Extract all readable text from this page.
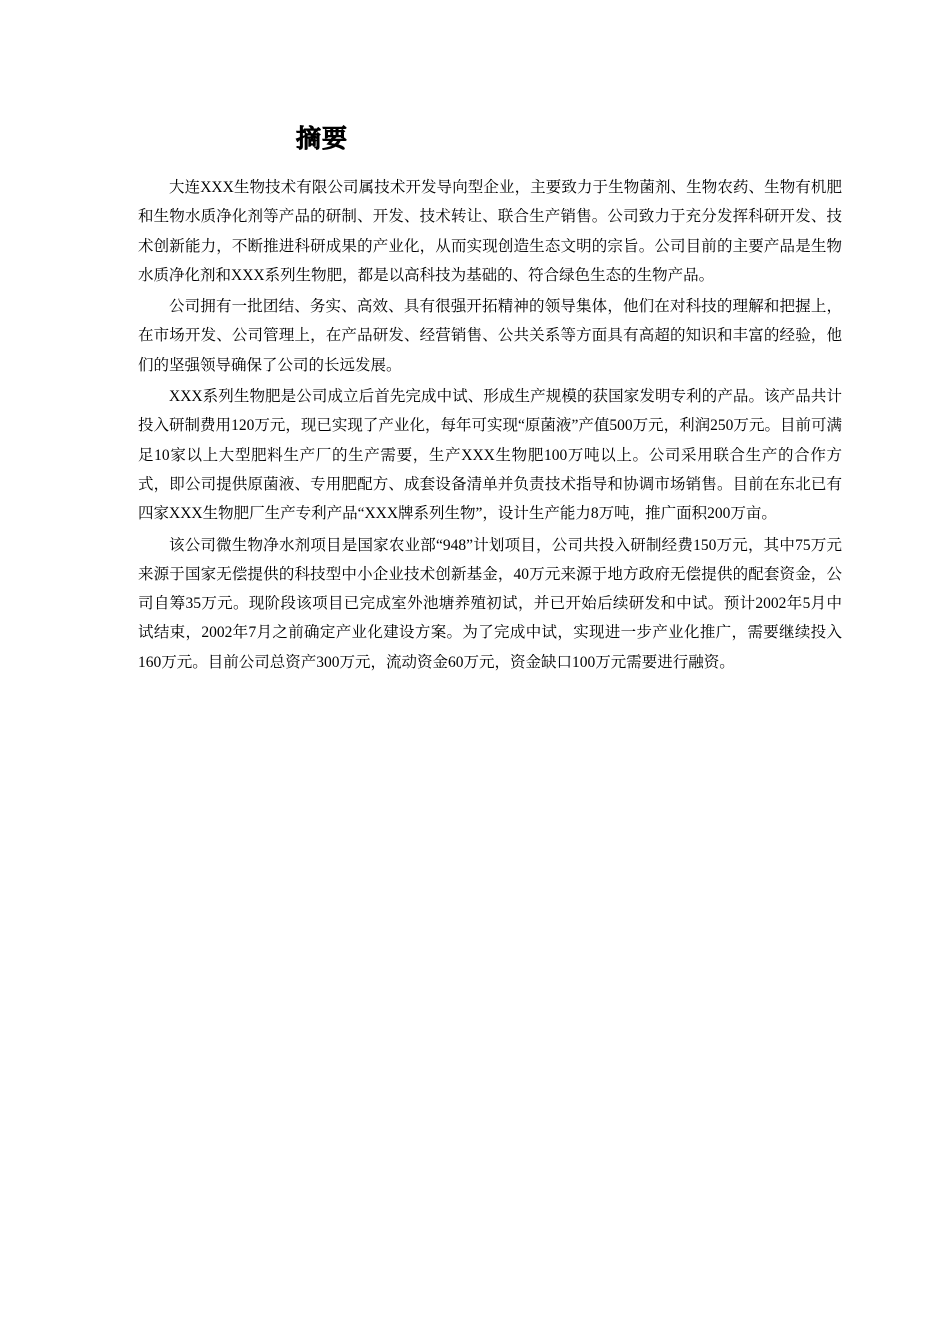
摘要

大连XXX生物技术有限公司属技术开发导向型企业，主要致力于生物菌剂、生物农药、生物有机肥和生物水质净化剂等产品的研制、开发、技术转让、联合生产销售。公司致力于充分发挥科研开发、技术创新能力，不断推进科研成果的产业化，从而实现创造生态文明的宗旨。公司目前的主要产品是生物水质净化剂和XXX系列生物肥，都是以高科技为基础的、符合绿色生态的生物产品。

公司拥有一批团结、务实、高效、具有很强开拓精神的领导集体，他们在对科技的理解和把握上，在市场开发、公司管理上，在产品研发、经营销售、公共关系等方面具有高超的知识和丰富的经验，他们的坚强领导确保了公司的长远发展。

XXX系列生物肥是公司成立后首先完成中试、形成生产规模的获国家发明专利的产品。该产品共计投入研制费用120万元，现已实现了产业化，每年可实现“原菌液”产值500万元，利润250万元。目前可满足10家以上大型肥料生产厂的生产需要，生产XXX生物肥100万吨以上。公司采用联合生产的合作方式，即公司提供原菌液、专用肥配方、成套设备清单并负责技术指导和协调市场销售。目前在东北已有四家XXX生物肥厂生产专利产品“XXX牌系列生物”，设计生产能力8万吨，推广面积200万亩。

该公司微生物净水剂项目是国家农业部“948”计划项目，公司共投入研制经费150万元，其中75万元来源于国家无偿提供的科技型中小企业技术创新基金，40万元来源于地方政府无偿提供的配套资金，公司自筹35万元。现阶段该项目已完成室外池塘养殖初试，并已开始后续研发和中试。预计2002年5月中试结束，2002年7月之前确定产业化建设方案。为了完成中试，实现进一步产业化推广，需要继续投入160万元。目前公司总资产300万元，流动资金60万元，资金缺口100万元需要进行融资。
